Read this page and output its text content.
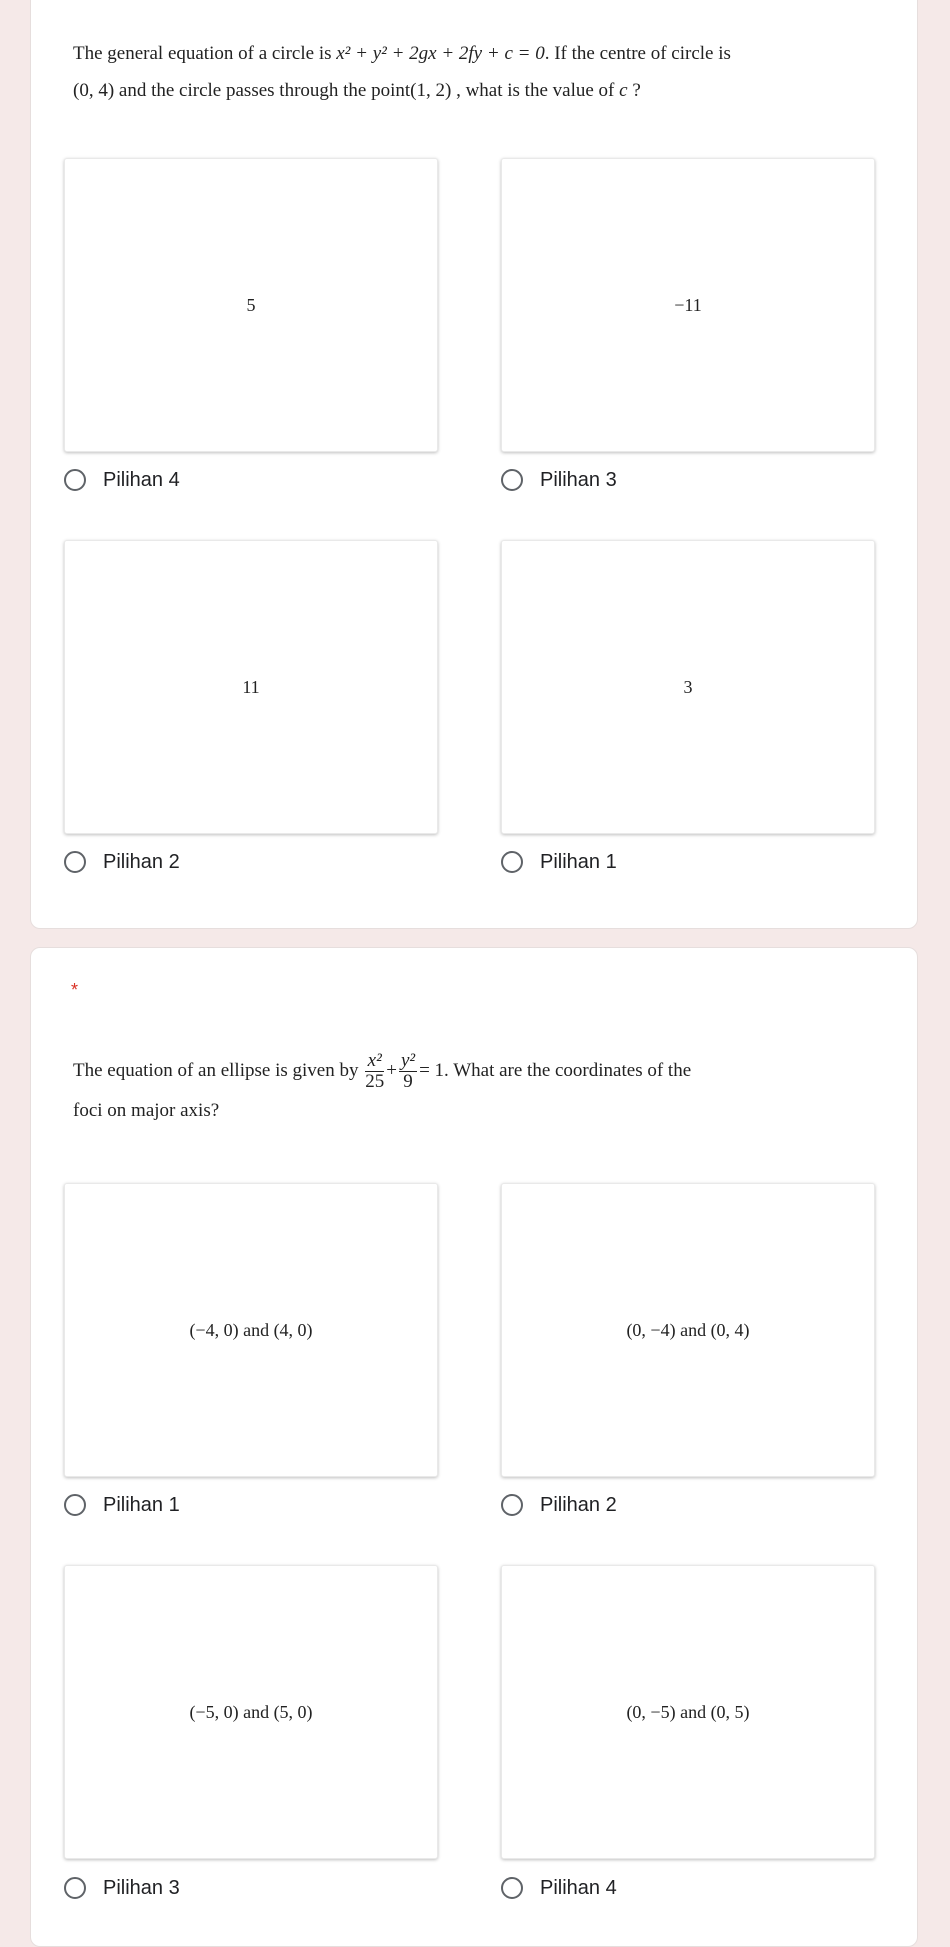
The general equation of a circle is x² + y² + 2gx + 2fy + c = 0. If the centre of circle is
(0, 4) and the circle passes through the point(1, 2) , what is the value of c ?
5	−11
Pilihan 4	Pilihan 3
11	3
Pilihan 2	Pilihan 1
*
The equation of an ellipse is given by $\frac{\text{x²}}{25} + \frac{\text{y²}}{9} = 1$. What are the coordinates of the
foci on major axis?
(−4, 0) and (4, 0)	(0, −4) and (0, 4)
Pilihan 1	Pilihan 2
(−5, 0) and (5, 0)	(0, −5) and (0, 5)
Pilihan 3	Pilihan 4
